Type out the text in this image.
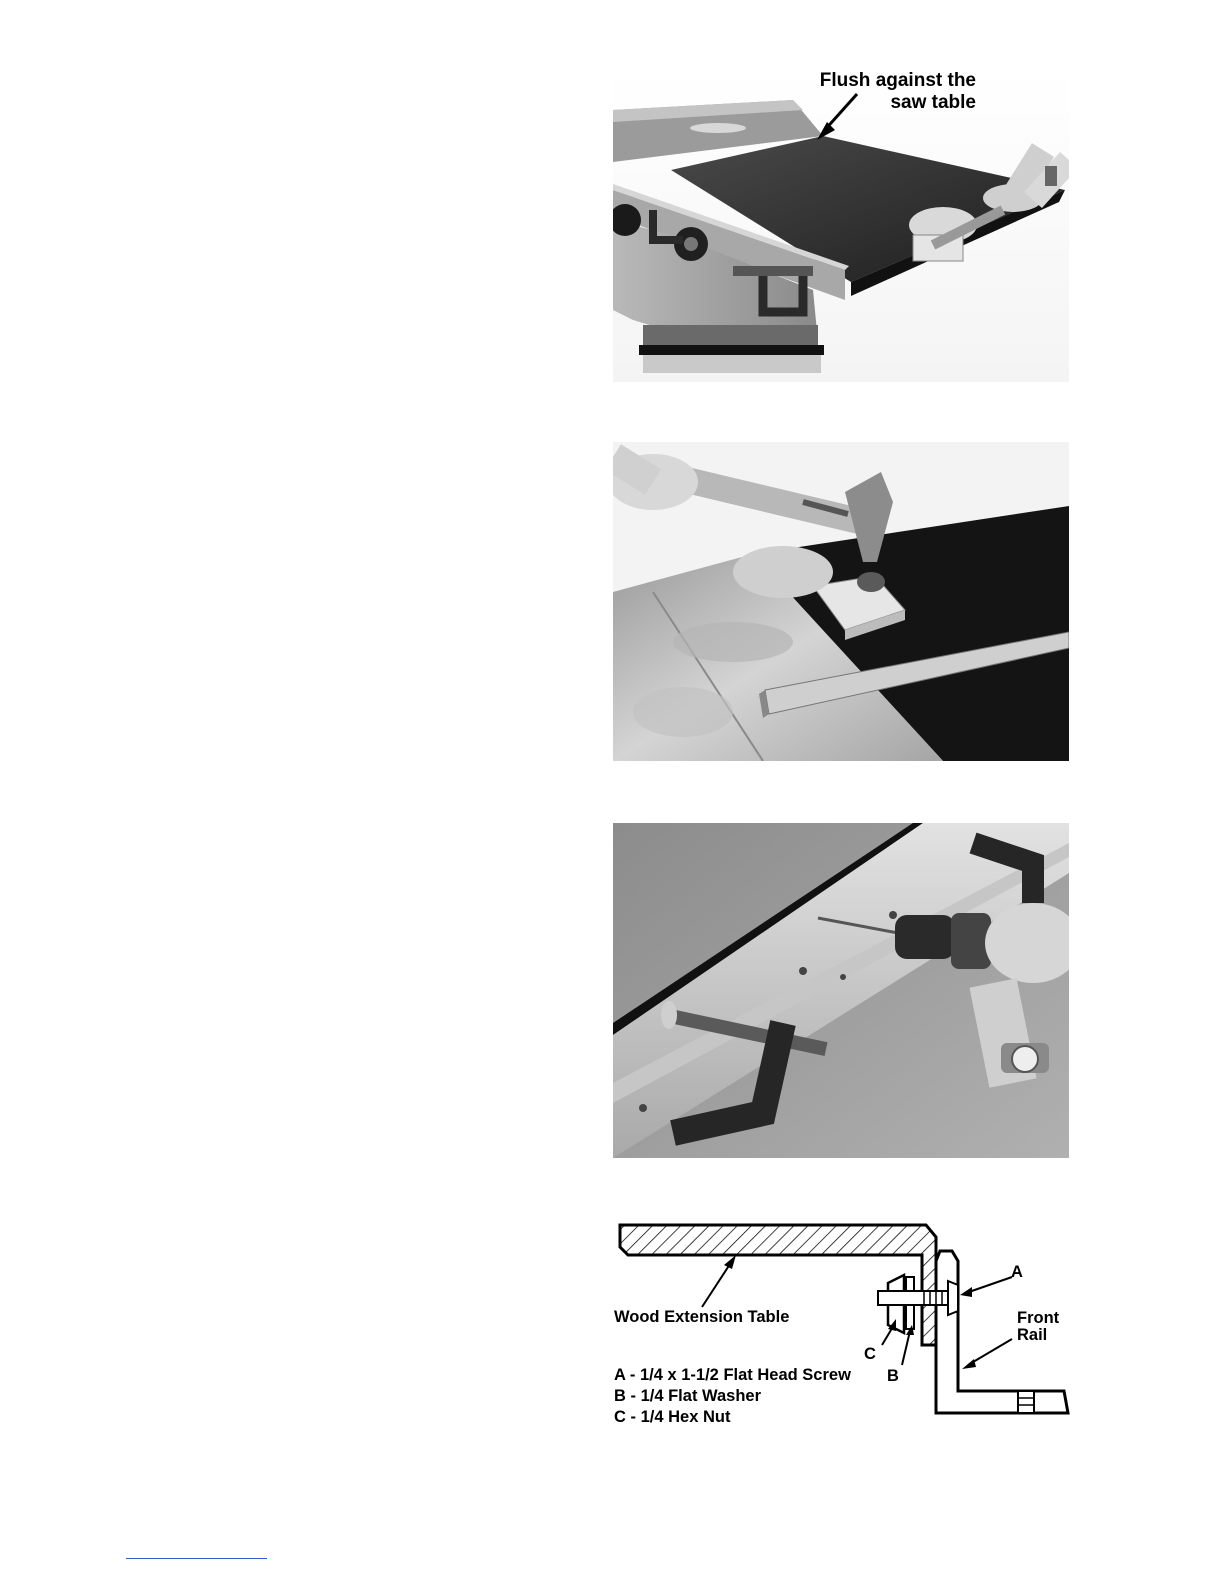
Flush against the
saw table
Wood Extension Table
A
Front
Rail
C
B
A - 1/4 x 1-1/2 Flat Head Screw
B - 1/4 Flat Washer
C - 1/4 Hex Nut
